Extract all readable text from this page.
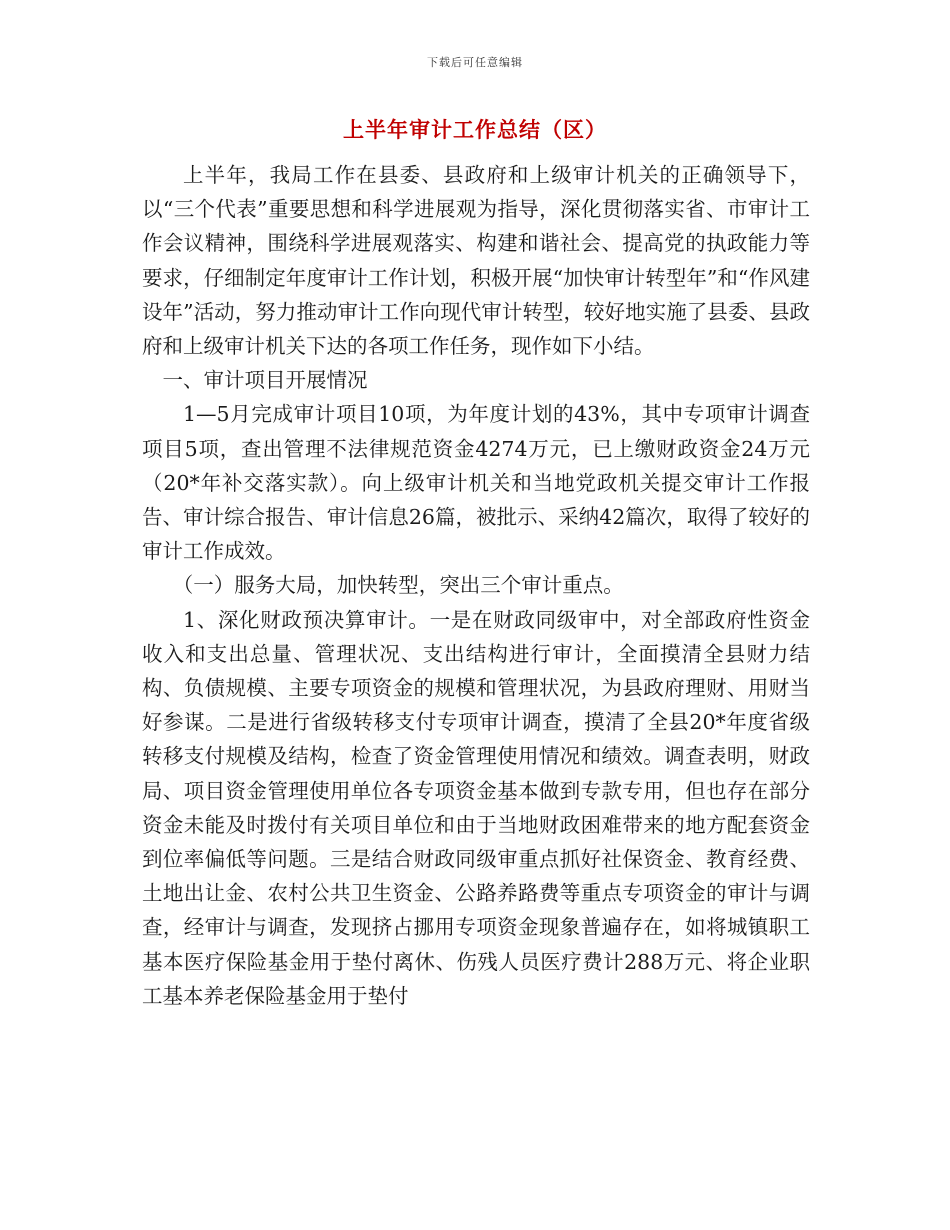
下载后可任意编辑
上半年审计工作总结（区）

上半年，我局工作在县委、县政府和上级审计机关的正确领导下，以“三个代表”重要思想和科学进展观为指导，深化贯彻落实省、市审计工作会议精神，围绕科学进展观落实、构建和谐社会、提高党的执政能力等要求，仔细制定年度审计工作计划，积极开展“加快审计转型年”和“作风建设年”活动，努力推动审计工作向现代审计转型，较好地实施了县委、县政府和上级审计机关下达的各项工作任务，现作如下小结。

一、审计项目开展情况

1—5月完成审计项目10项，为年度计划的43%，其中专项审计调查项目5项，查出管理不法律规范资金4274万元，已上缴财政资金24万元（20*年补交落实款）。向上级审计机关和当地党政机关提交审计工作报告、审计综合报告、审计信息26篇，被批示、采纳42篇次，取得了较好的审计工作成效。

（一）服务大局，加快转型，突出三个审计重点。

1、深化财政预决算审计。一是在财政同级审中，对全部政府性资金收入和支出总量、管理状况、支出结构进行审计，全面摸清全县财力结构、负债规模、主要专项资金的规模和管理状况，为县政府理财、用财当好参谋。二是进行省级转移支付专项审计调查，摸清了全县20*年度省级转移支付规模及结构，检查了资金管理使用情况和绩效。调查表明，财政局、项目资金管理使用单位各专项资金基本做到专款专用，但也存在部分资金未能及时拨付有关项目单位和由于当地财政困难带来的地方配套资金到位率偏低等问题。三是结合财政同级审重点抓好社保资金、教育经费、土地出让金、农村公共卫生资金、公路养路费等重点专项资金的审计与调查，经审计与调查，发现挤占挪用专项资金现象普遍存在，如将城镇职工基本医疗保险基金用于垫付离休、伤残人员医疗费计288万元、将企业职工基本养老保险基金用于垫付
